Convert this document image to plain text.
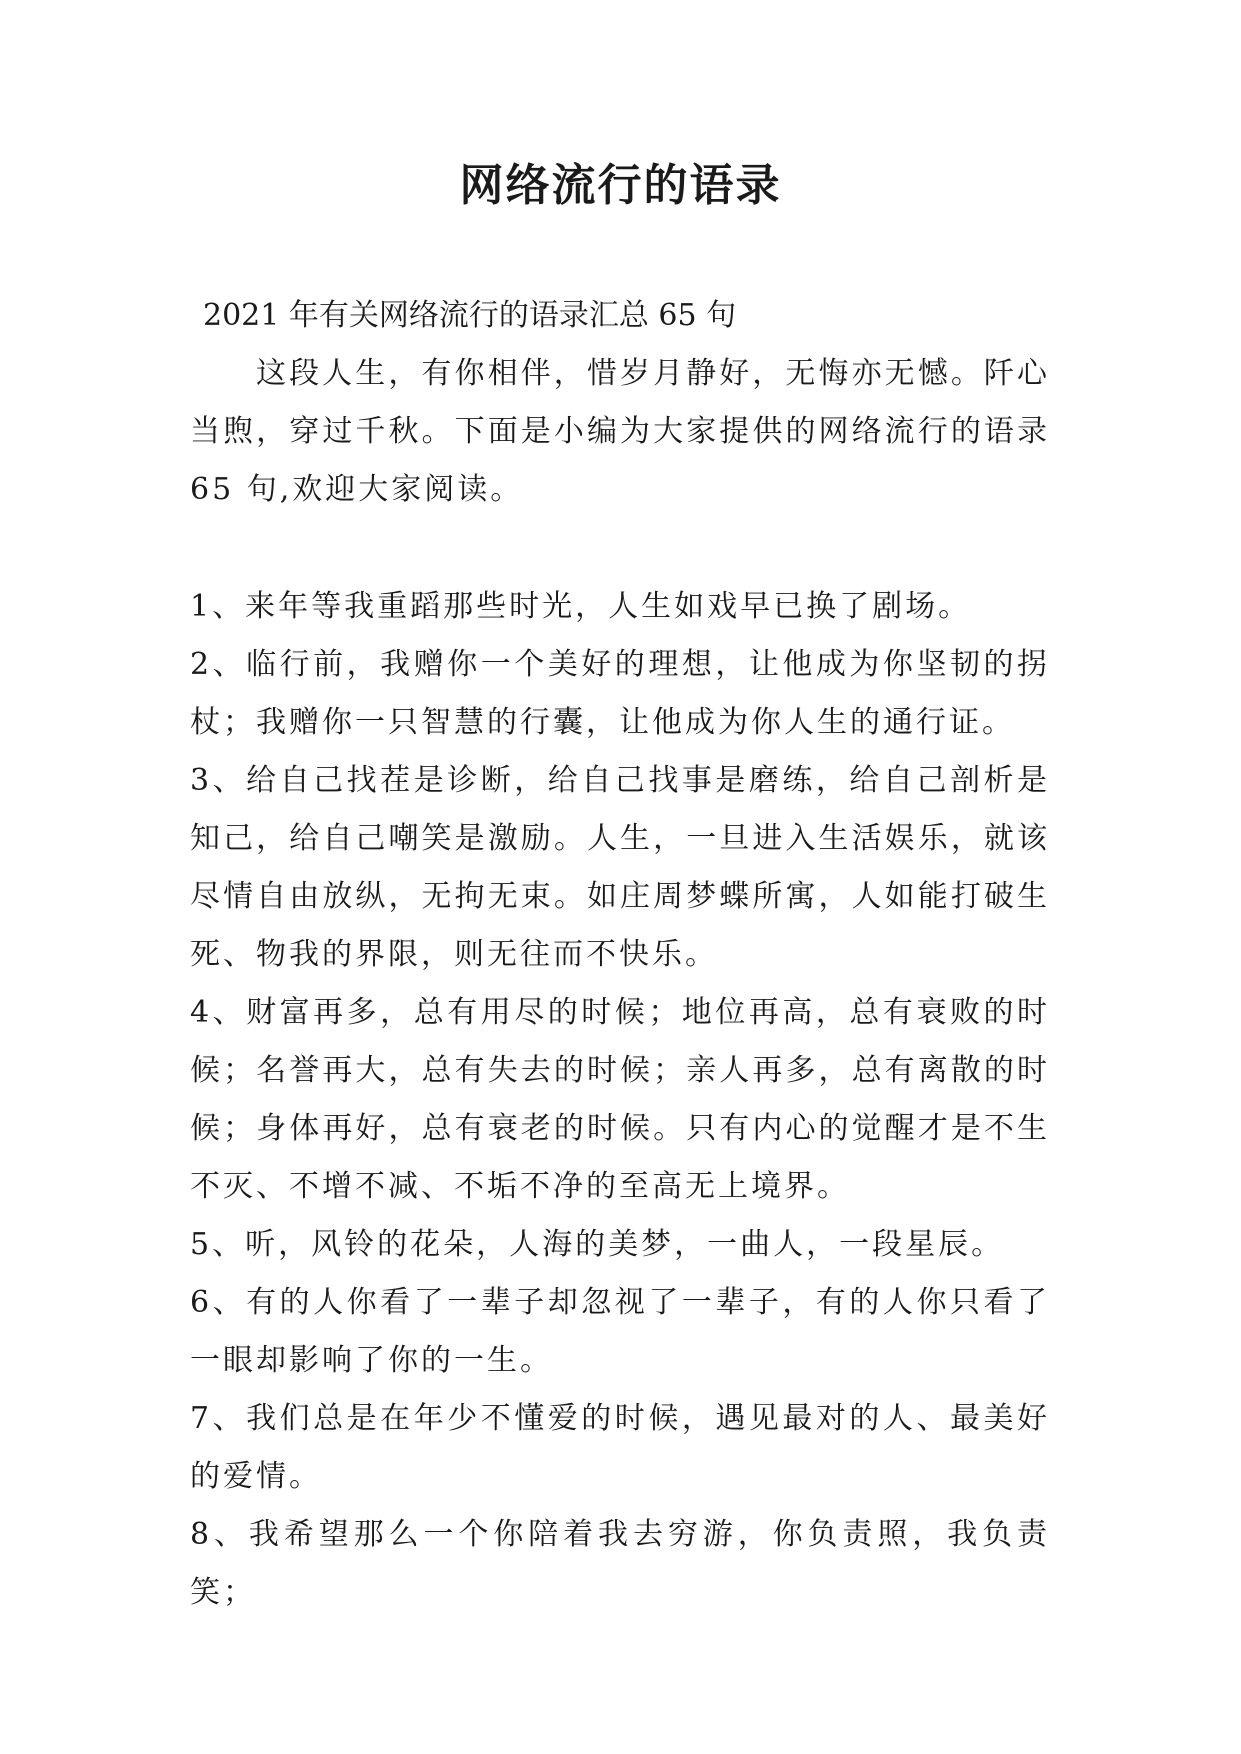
网络流行的语录

2021 年有关网络流行的语录汇总 65 句

这段人生，有你相伴，惜岁月静好，无悔亦无憾。阡心当煦，穿过千秋。下面是小编为大家提供的网络流行的语录 65 句,欢迎大家阅读。

1、来年等我重蹈那些时光，人生如戏早已换了剧场。
2、临行前，我赠你一个美好的理想，让他成为你坚韧的拐杖；我赠你一只智慧的行囊，让他成为你人生的通行证。
3、给自己找茬是诊断，给自己找事是磨练，给自己剖析是知己，给自己嘲笑是激励。人生，一旦进入生活娱乐，就该尽情自由放纵，无拘无束。如庄周梦蝶所寓，人如能打破生死、物我的界限，则无往而不快乐。
4、财富再多，总有用尽的时候；地位再高，总有衰败的时候；名誉再大，总有失去的时候；亲人再多，总有离散的时候；身体再好，总有衰老的时候。只有内心的觉醒才是不生不灭、不增不减、不垢不净的至高无上境界。
5、听，风铃的花朵，人海的美梦，一曲人，一段星辰。
6、有的人你看了一辈子却忽视了一辈子，有的人你只看了一眼却影响了你的一生。
7、我们总是在年少不懂爱的时候，遇见最对的人、最美好的爱情。
8、我希望那么一个你陪着我去穷游，你负责照，我负责笑；
